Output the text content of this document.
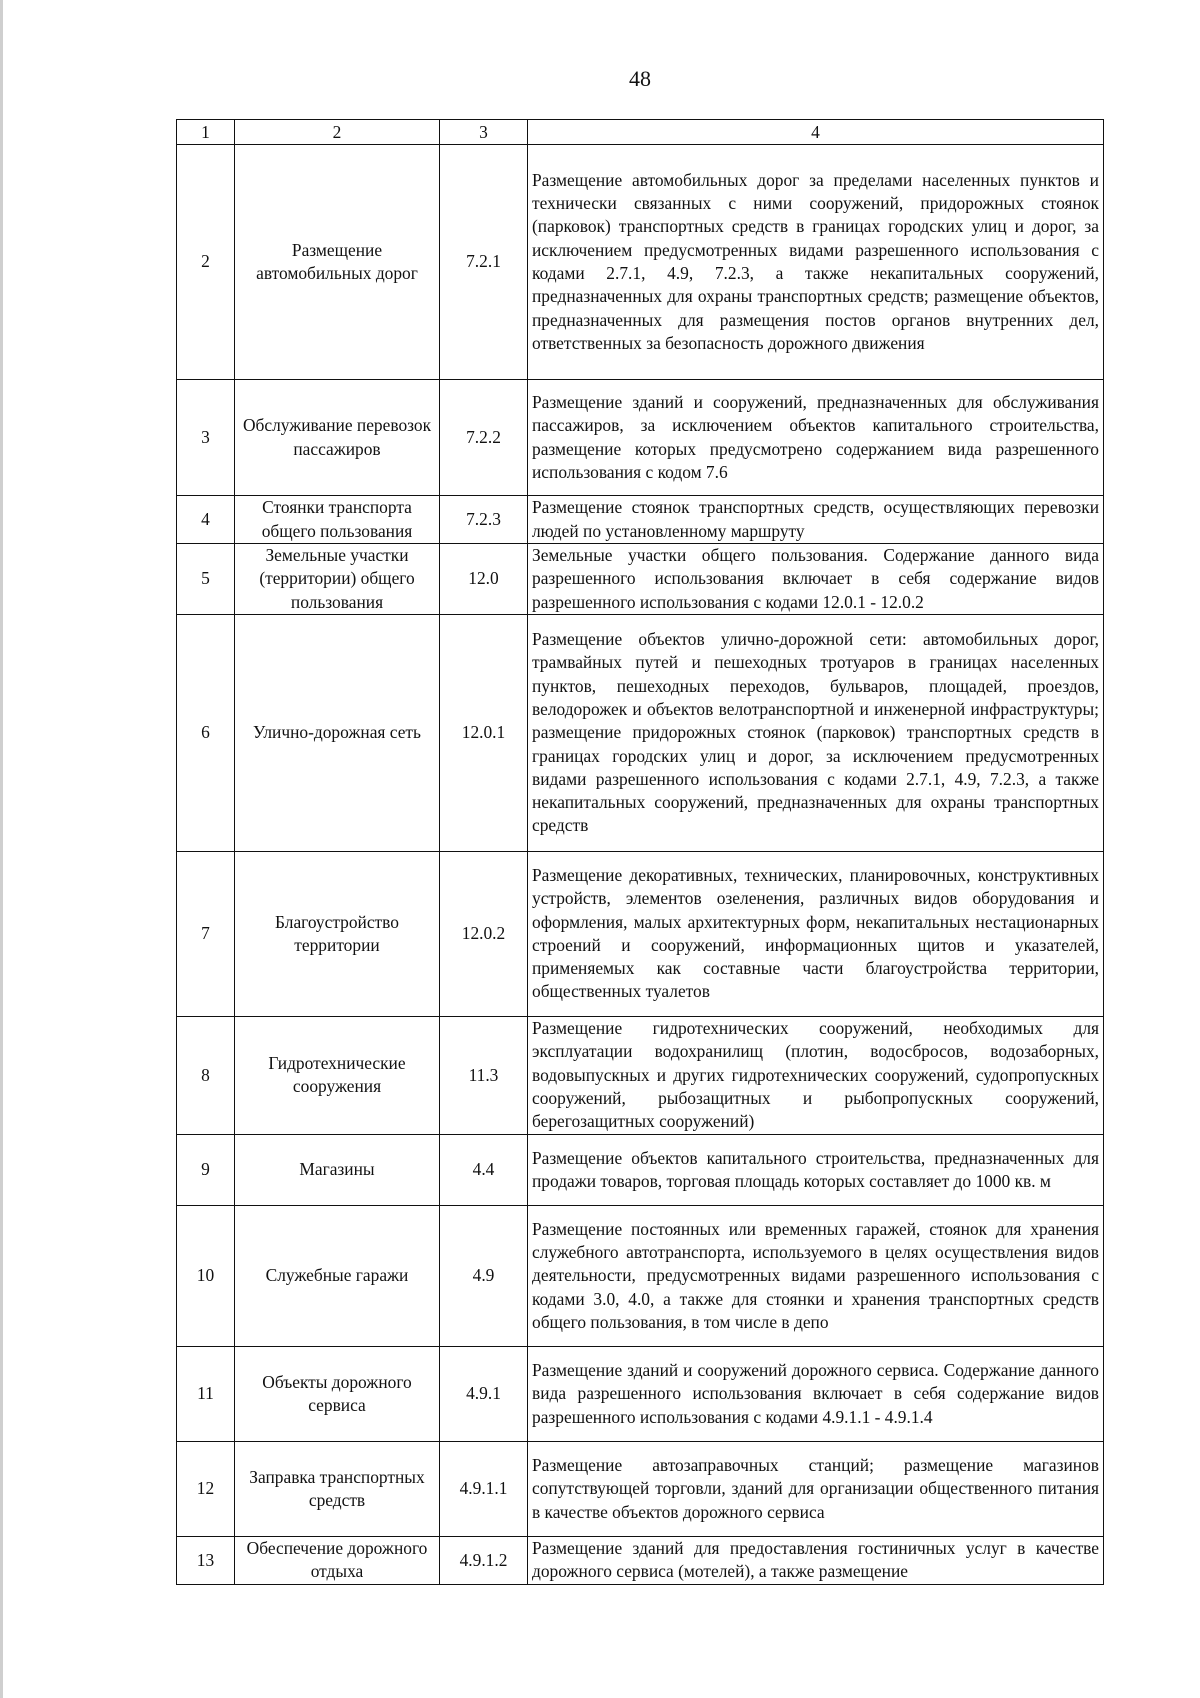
48
1	2	3	4
2	Размещение автомобильных дорог	7.2.1	Размещение автомобильных дорог за пределами населенных пунктов и технически связанных с ними сооружений, придорожных стоянок (парковок) транспортных средств в границах городских улиц и дорог, за исключением предусмотренных видами разрешенного использования с кодами 2.7.1, 4.9, 7.2.3, а также некапитальных сооружений, предназначенных для охраны транспортных средств; размещение объектов, предназначенных для размещения постов органов внутренних дел, ответственных за безопасность дорожного движения
3	Обслуживание перевозок пассажиров	7.2.2	Размещение зданий и сооружений, предназначенных для обслуживания пассажиров, за исключением объектов капитального строительства, размещение которых предусмотрено содержанием вида разрешенного использования с кодом 7.6
4	Стоянки транспорта общего пользования	7.2.3	Размещение стоянок транспортных средств, осуществляющих перевозки людей по установленному маршруту
5	Земельные участки (территории) общего пользования	12.0	Земельные участки общего пользования. Содержание данного вида разрешенного использования включает в себя содержание видов разрешенного использования с кодами 12.0.1 - 12.0.2
6	Улично-дорожная сеть	12.0.1	Размещение объектов улично-дорожной сети: автомобильных дорог, трамвайных путей и пешеходных тротуаров в границах населенных пунктов, пешеходных переходов, бульваров, площадей, проездов, велодорожек и объектов велотранспортной и инженерной инфраструктуры; размещение придорожных стоянок (парковок) транспортных средств в границах городских улиц и дорог, за исключением предусмотренных видами разрешенного использования с кодами 2.7.1, 4.9, 7.2.3, а также некапитальных сооружений, предназначенных для охраны транспортных средств
7	Благоустройство территории	12.0.2	Размещение декоративных, технических, планировочных, конструктивных устройств, элементов озеленения, различных видов оборудования и оформления, малых архитектурных форм, некапитальных нестационарных строений и сооружений, информационных щитов и указателей, применяемых как составные части благоустройства территории, общественных туалетов
8	Гидротехнические сооружения	11.3	Размещение гидротехнических сооружений, необходимых для эксплуатации водохранилищ (плотин, водосбросов, водозаборных, водовыпускных и других гидротехнических сооружений, судопропускных сооружений, рыбозащитных и рыбопропускных сооружений, берегозащитных сооружений)
9	Магазины	4.4	Размещение объектов капитального строительства, предназначенных для продажи товаров, торговая площадь которых составляет до 1000 кв. м
10	Служебные гаражи	4.9	Размещение постоянных или временных гаражей, стоянок для хранения служебного автотранспорта, используемого в целях осуществления видов деятельности, предусмотренных видами разрешенного использования с кодами 3.0, 4.0, а также для стоянки и хранения транспортных средств общего пользования, в том числе в депо
11	Объекты дорожного сервиса	4.9.1	Размещение зданий и сооружений дорожного сервиса. Содержание данного вида разрешенного использования включает в себя содержание видов разрешенного использования с кодами 4.9.1.1 - 4.9.1.4
12	Заправка транспортных средств	4.9.1.1	Размещение автозаправочных станций; размещение магазинов сопутствующей торговли, зданий для организации общественного питания в качестве объектов дорожного сервиса
13	Обеспечение дорожного отдыха	4.9.1.2	Размещение зданий для предоставления гостиничных услуг в качестве дорожного сервиса (мотелей), а также размещение
